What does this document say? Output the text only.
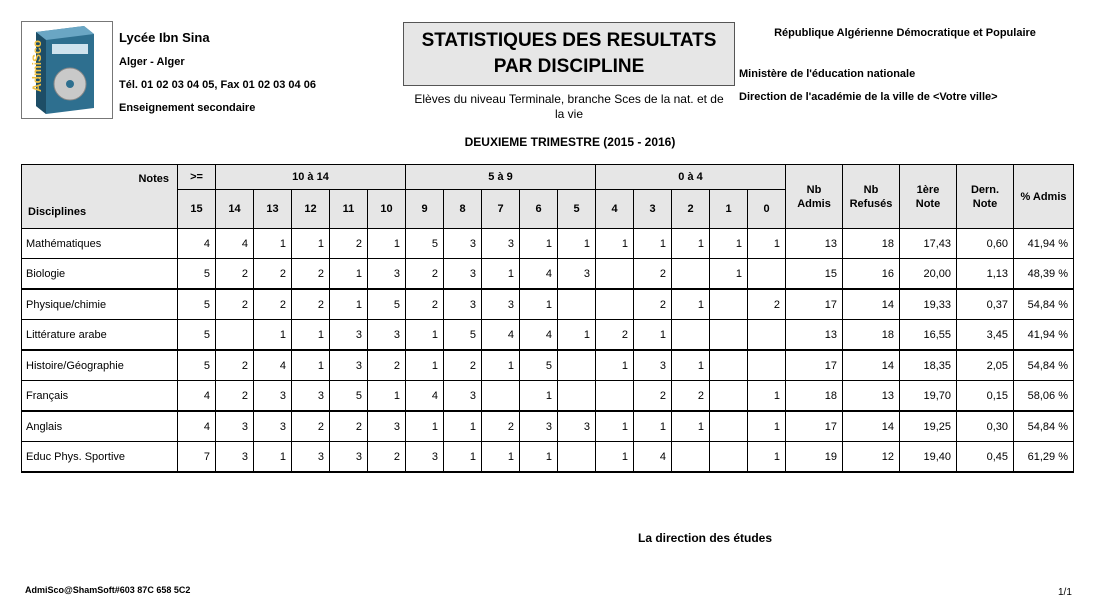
AdmiSco
Lycée Ibn Sina
Alger - Alger
Tél. 01 02 03 04 05, Fax 01 02 03 04 06
Enseignement secondaire
STATISTIQUES DES RESULTATS
PAR DISCIPLINE
Elèves du niveau Terminale, branche Sces de la nat. et de la vie
DEUXIEME TRIMESTRE (2015 - 2016)
République Algérienne Démocratique et Populaire
Ministère de l'éducation nationale
Direction de l'académie de la ville de <Votre ville>
Notes
Disciplines	>=	10 à 14					5 à 9					0 à 4					Nb Admis	Nb Refusés	1ère Note	Dern. Note	% Admis
	15	14	13	12	11	10	9	8	7	6	5	4	3	2	1	0					
Mathématiques	4	4	1	1	2	1	5	3	3	1	1	1	1	1	1	1	13	18	17,43	0,60	41,94 %
Biologie	5	2	2	2	1	3	2	3	1	4	3		2		1		15	16	20,00	1,13	48,39 %
Physique/chimie	5	2	2	2	1	5	2	3	3	1			2	1		2	17	14	19,33	0,37	54,84 %
Littérature arabe	5		1	1	3	3	1	5	4	4	1	2	1				13	18	16,55	3,45	41,94 %
Histoire/Géographie	5	2	4	1	3	2	1	2	1	5		1	3	1			17	14	18,35	2,05	54,84 %
Français	4	2	3	3	5	1	4	3		1			2	2		1	18	13	19,70	0,15	58,06 %
Anglais	4	3	3	2	2	3	1	1	2	3	3	1	1	1		1	17	14	19,25	0,30	54,84 %
Educ Phys. Sportive	7	3	1	3	3	2	3	1	1	1		1	4			1	19	12	19,40	0,45	61,29 %
La direction des études
AdmiSco@ShamSoft#603 87C 658 5C2	1/1
